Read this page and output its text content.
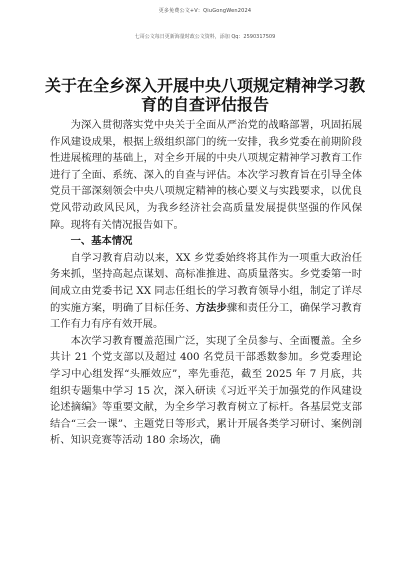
更多免费公文+V：QiuGongWen2024
七哥公文每日更新海量时政公文资料，添加 Qq：2590317509
关于在全乡深入开展中央八项规定精神学习教育的自查评估报告

为深入贯彻落实党中央关于全面从严治党的战略部署，巩固拓展作风建设成果，根据上级组织部门的统一安排，我乡党委在前期阶段性进展梳理的基础上，对全乡开展的中央八项规定精神学习教育工作进行了全面、系统、深入的自查与评估。本次学习教育旨在引导全体党员干部深刻领会中央八项规定精神的核心要义与实践要求，以优良党风带动政风民风，为我乡经济社会高质量发展提供坚强的作风保障。现将有关情况报告如下。

一、基本情况

自学习教育启动以来，XX 乡党委始终将其作为一项重大政治任务来抓，坚持高起点谋划、高标准推进、高质量落实。乡党委第一时间成立由党委书记 XX 同志任组长的学习教育领导小组，制定了详尽的实施方案，明确了目标任务、方法步骤和责任分工，确保学习教育工作有力有序有效开展。

本次学习教育覆盖范围广泛，实现了全员参与、全面覆盖。全乡共计 21 个党支部以及超过 400 名党员干部悉数参加。乡党委理论学习中心组发挥“头雁效应”，率先垂范，截至 2025 年 7 月底，共组织专题集中学习 15 次，深入研读《习近平关于加强党的作风建设论述摘编》等重要文献，为全乡学习教育树立了标杆。各基层党支部结合“三会一课”、主题党日等形式，累计开展各类学习研讨、案例剖析、知识竞赛等活动 180 余场次，确
